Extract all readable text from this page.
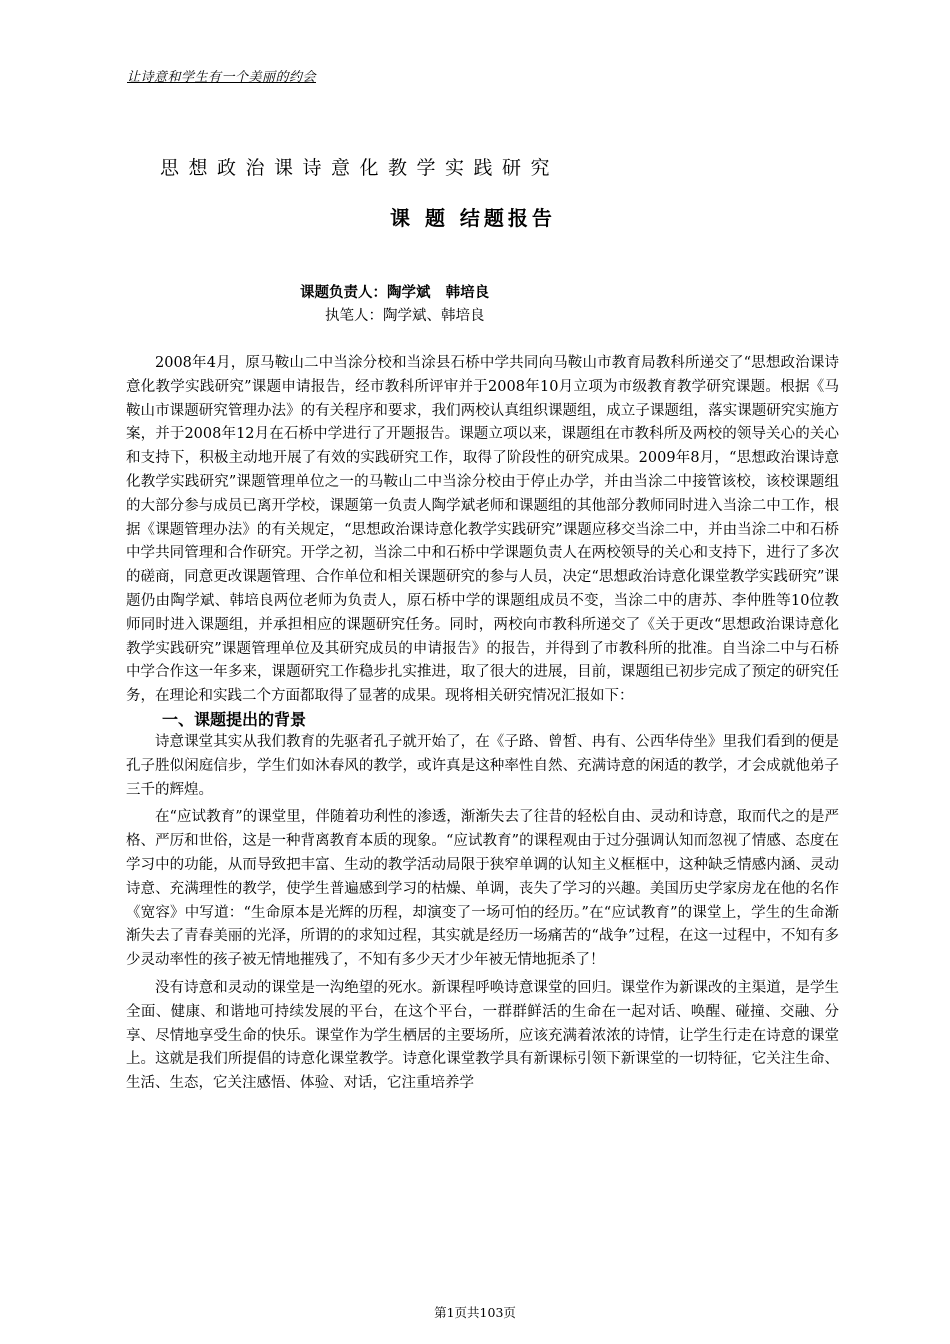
让诗意和学生有一个美丽的约会
思想政治课诗意化教学实践研究
课 题 结题报告
课题负责人：陶学斌   韩培良
执笔人：陶学斌、韩培良

2008年4月，原马鞍山二中当涂分校和当涂县石桥中学共同向马鞍山市教育局教科所递交了“思想政治课诗意化教学实践研究”课题申请报告，经市教科所评审并于2008年10月立项为市级教育教学研究课题。根据《马鞍山市课题研究管理办法》的有关程序和要求，我们两校认真组织课题组，成立子课题组，落实课题研究实施方案，并于2008年12月在石桥中学进行了开题报告。课题立项以来，课题组在市教科所及两校的领导关心的关心和支持下，积极主动地开展了有效的实践研究工作，取得了阶段性的研究成果。2009年8月，“思想政治课诗意化教学实践研究”课题管理单位之一的马鞍山二中当涂分校由于停止办学，并由当涂二中接管该校，该校课题组的大部分参与成员已离开学校，课题第一负责人陶学斌老师和课题组的其他部分教师同时进入当涂二中工作，根据《课题管理办法》的有关规定，“思想政治课诗意化教学实践研究”课题应移交当涂二中，并由当涂二中和石桥中学共同管理和合作研究。开学之初，当涂二中和石桥中学课题负责人在两校领导的关心和支持下，进行了多次的磋商，同意更改课题管理、合作单位和相关课题研究的参与人员，决定“思想政治诗意化课堂教学实践研究”课题仍由陶学斌、韩培良两位老师为负责人，原石桥中学的课题组成员不变，当涂二中的唐苏、李仲胜等10位教师同时进入课题组，并承担相应的课题研究任务。同时，两校向市教科所递交了《关于更改“思想政治课诗意化教学实践研究”课题管理单位及其研究成员的申请报告》的报告，并得到了市教科所的批准。自当涂二中与石桥中学合作这一年多来，课题研究工作稳步扎实推进，取了很大的进展，目前，课题组已初步完成了预定的研究任务，在理论和实践二个方面都取得了显著的成果。现将相关研究情况汇报如下：

一、课题提出的背景

诗意课堂其实从我们教育的先驱者孔子就开始了，在《子路、曾皙、冉有、公西华侍坐》里我们看到的便是孔子胜似闲庭信步，学生们如沐春风的教学，或许真是这种率性自然、充满诗意的闲适的教学，才会成就他弟子三千的辉煌。

在“应试教育”的课堂里，伴随着功利性的渗透，渐渐失去了往昔的轻松自由、灵动和诗意，取而代之的是严格、严厉和世俗，这是一种背离教育本质的现象。“应试教育”的课程观由于过分强调认知而忽视了情感、态度在学习中的功能，从而导致把丰富、生动的教学活动局限于狭窄单调的认知主义框框中，这种缺乏情感内涵、灵动诗意、充满理性的教学，使学生普遍感到学习的枯燥、单调，丧失了学习的兴趣。美国历史学家房龙在他的名作《宽容》中写道：“生命原本是光辉的历程，却演变了一场可怕的经历。”在“应试教育”的课堂上，学生的生命渐渐失去了青春美丽的光泽，所谓的的求知过程，其实就是经历一场痛苦的“战争”过程，在这一过程中，不知有多少灵动率性的孩子被无情地摧残了，不知有多少天才少年被无情地扼杀了！

没有诗意和灵动的课堂是一沟绝望的死水。新课程呼唤诗意课堂的回归。课堂作为新课改的主渠道，是学生全面、健康、和谐地可持续发展的平台，在这个平台，一群群鲜活的生命在一起对话、唤醒、碰撞、交融、分享、尽情地享受生命的快乐。课堂作为学生栖居的主要场所，应该充满着浓浓的诗情，让学生行走在诗意的课堂上。这就是我们所提倡的诗意化课堂教学。诗意化课堂教学具有新课标引领下新课堂的一切特征，它关注生命、生活、生态，它关注感悟、体验、对话，它注重培养学

第1页共103页
